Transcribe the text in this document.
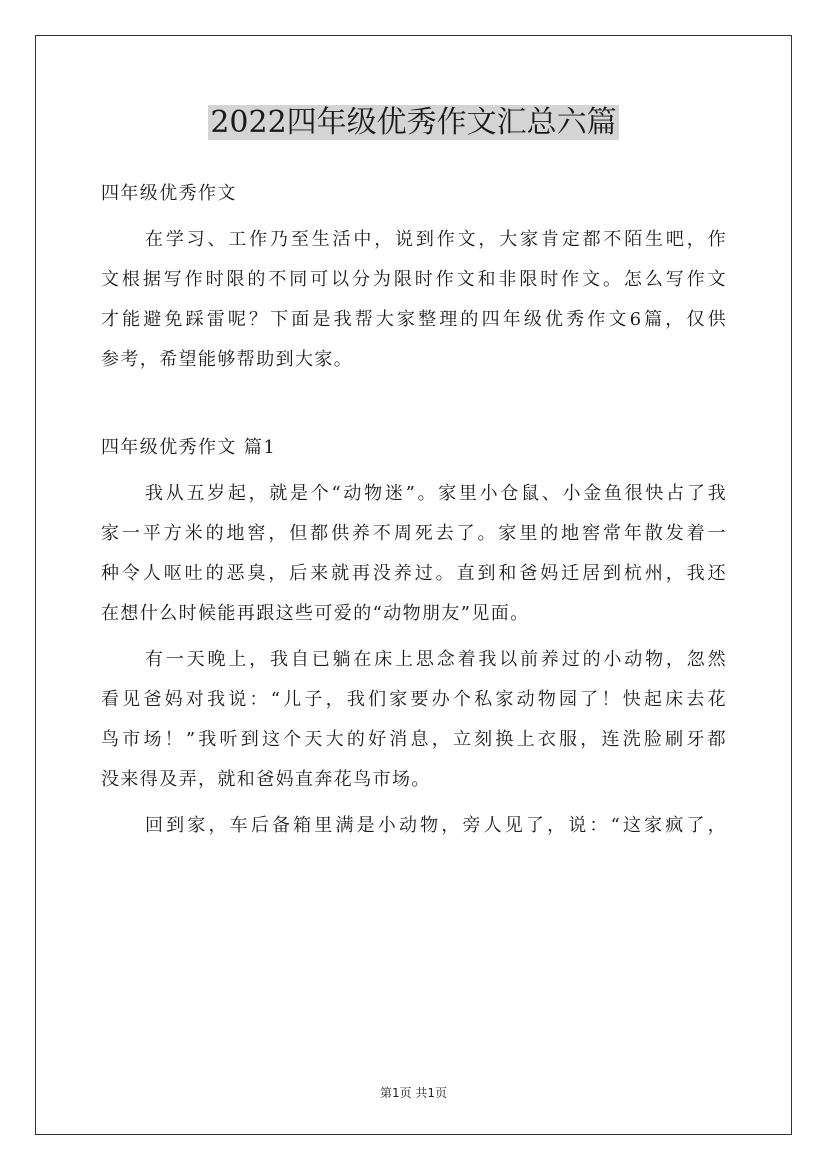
2022四年级优秀作文汇总六篇
四年级优秀作文
在学习、工作乃至生活中，说到作文，大家肯定都不陌生吧，作
文根据写作时限的不同可以分为限时作文和非限时作文。怎么写作文
才能避免踩雷呢？下面是我帮大家整理的四年级优秀作文6篇，仅供
参考，希望能够帮助到大家。
四年级优秀作文 篇1
我从五岁起，就是个“动物迷”。家里小仓鼠、小金鱼很快占了我
家一平方米的地窖，但都供养不周死去了。家里的地窖常年散发着一
种令人呕吐的恶臭，后来就再没养过。直到和爸妈迁居到杭州，我还
在想什么时候能再跟这些可爱的“动物朋友”见面。
有一天晚上，我自已躺在床上思念着我以前养过的小动物，忽然
看见爸妈对我说：“儿子，我们家要办个私家动物园了！快起床去花
鸟市场！”我听到这个天大的好消息，立刻换上衣服，连洗脸刷牙都
没来得及弄，就和爸妈直奔花鸟市场。
回到家，车后备箱里满是小动物，旁人见了，说：“这家疯了，
第1页 共1页
